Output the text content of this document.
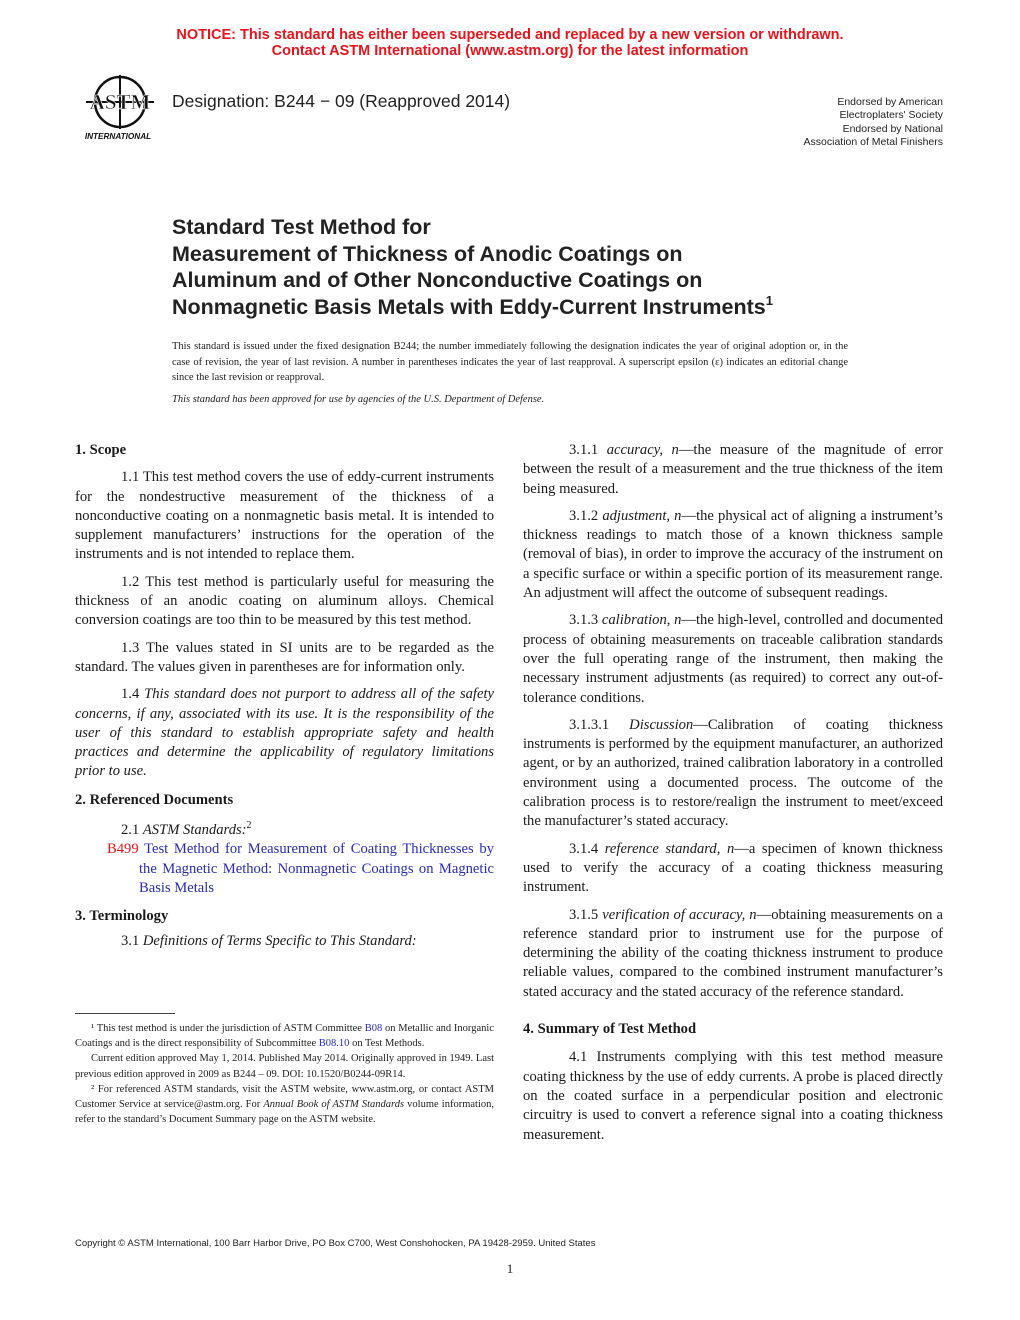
NOTICE: This standard has either been superseded and replaced by a new version or withdrawn.
Contact ASTM International (www.astm.org) for the latest information
ASTM
INTERNATIONAL
Designation: B244 − 09 (Reapproved 2014)	Endorsed by American
Electroplaters' Society
Endorsed by National
Association of Metal Finishers
Standard Test Method for
Measurement of Thickness of Anodic Coatings on
Aluminum and of Other Nonconductive Coatings on
Nonmagnetic Basis Metals with Eddy-Current Instruments$^1$
This standard is issued under the fixed designation B244; the number immediately following the designation indicates the year of original adoption or, in the case of revision, the year of last revision. A number in parentheses indicates the year of last reapproval. A superscript epsilon (ε) indicates an editorial change since the last revision or reapproval.
This standard has been approved for use by agencies of the U.S. Department of Defense.

1. Scope

1.1 This test method covers the use of eddy-current instruments for the nondestructive measurement of the thickness of a nonconductive coating on a nonmagnetic basis metal. It is intended to supplement manufacturers’ instructions for the operation of the instruments and is not intended to replace them.

1.2 This test method is particularly useful for measuring the thickness of an anodic coating on aluminum alloys. Chemical conversion coatings are too thin to be measured by this test method.

1.3 The values stated in SI units are to be regarded as the standard. The values given in parentheses are for information only.

1.4 This standard does not purport to address all of the safety concerns, if any, associated with its use. It is the responsibility of the user of this standard to establish appropriate safety and health practices and determine the applicability of regulatory limitations prior to use.

2. Referenced Documents

2.1 ASTM Standards:$^2$

B499 Test Method for Measurement of Coating Thicknesses by the Magnetic Method: Nonmagnetic Coatings on Magnetic Basis Metals

3. Terminology

3.1 Definitions of Terms Specific to This Standard:

3.1.1 accuracy, n—the measure of the magnitude of error between the result of a measurement and the true thickness of the item being measured.

3.1.2 adjustment, n—the physical act of aligning a instrument’s thickness readings to match those of a known thickness sample (removal of bias), in order to improve the accuracy of the instrument on a specific surface or within a specific portion of its measurement range. An adjustment will affect the outcome of subsequent readings.

3.1.3 calibration, n—the high-level, controlled and documented process of obtaining measurements on traceable calibration standards over the full operating range of the instrument, then making the necessary instrument adjustments (as required) to correct any out-of-tolerance conditions.

3.1.3.1 Discussion—Calibration of coating thickness instruments is performed by the equipment manufacturer, an authorized agent, or by an authorized, trained calibration laboratory in a controlled environment using a documented process. The outcome of the calibration process is to restore/realign the instrument to meet/exceed the manufacturer’s stated accuracy.

3.1.4 reference standard, n—a specimen of known thickness used to verify the accuracy of a coating thickness measuring instrument.

3.1.5 verification of accuracy, n—obtaining measurements on a reference standard prior to instrument use for the purpose of determining the ability of the coating thickness instrument to produce reliable values, compared to the combined instrument manufacturer’s stated accuracy and the stated accuracy of the reference standard.

4. Summary of Test Method

4.1 Instruments complying with this test method measure coating thickness by the use of eddy currents. A probe is placed directly on the coated surface in a perpendicular position and electronic circuitry is used to convert a reference signal into a coating thickness measurement.

¹ This test method is under the jurisdiction of ASTM Committee B08 on Metallic and Inorganic Coatings and is the direct responsibility of Subcommittee B08.10 on Test Methods.

Current edition approved May 1, 2014. Published May 2014. Originally approved in 1949. Last previous edition approved in 2009 as B244 – 09. DOI: 10.1520/B0244-09R14.

² For referenced ASTM standards, visit the ASTM website, www.astm.org, or contact ASTM Customer Service at service@astm.org. For Annual Book of ASTM Standards volume information, refer to the standard’s Document Summary page on the ASTM website.

Copyright © ASTM International, 100 Barr Harbor Drive, PO Box C700, West Conshohocken, PA 19428-2959. United States
1
